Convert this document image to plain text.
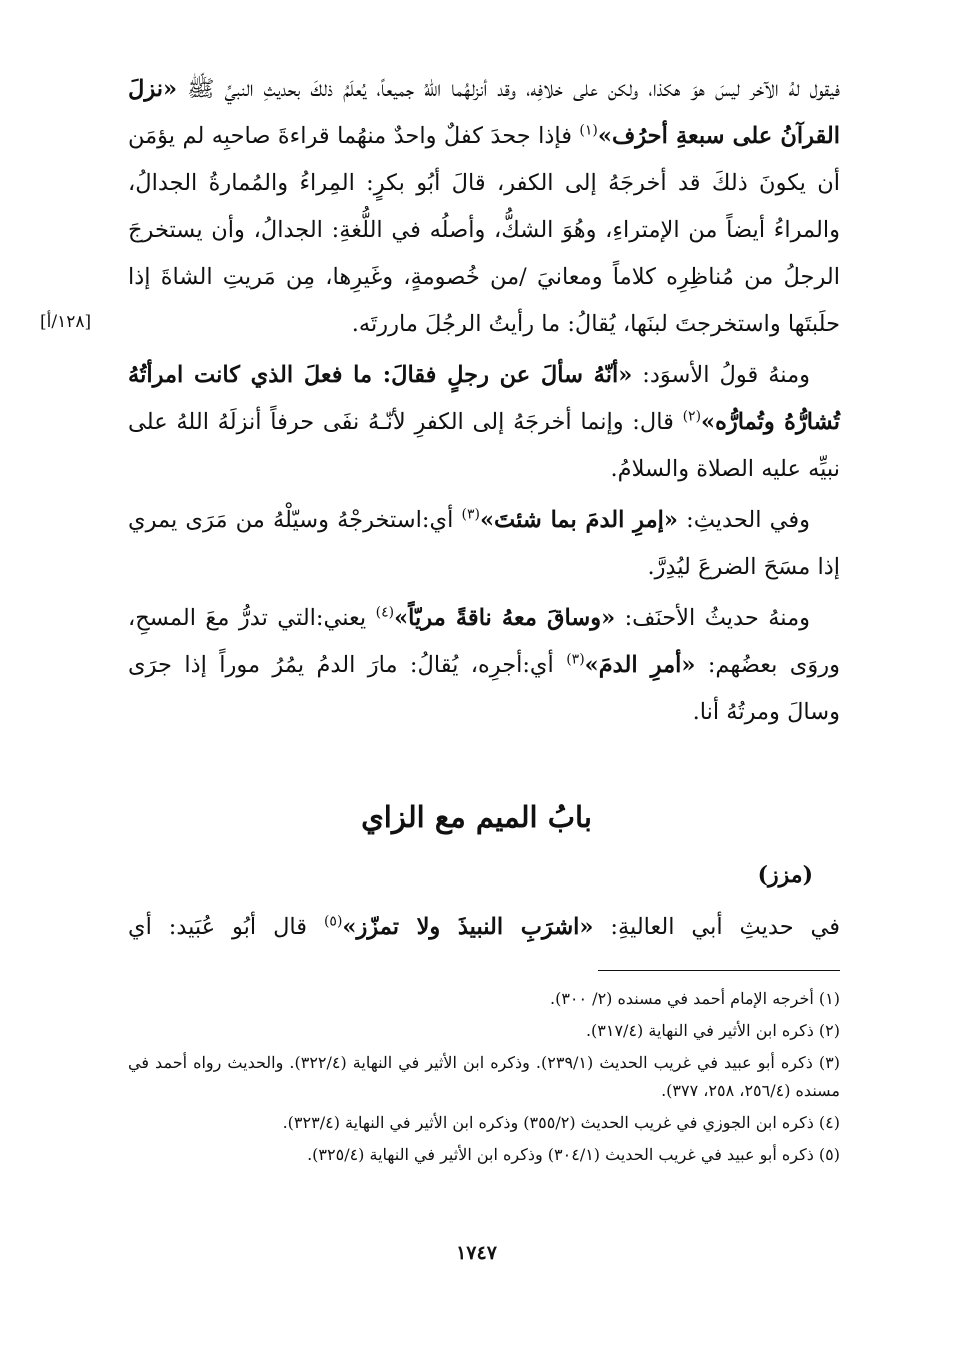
فيقول لهُ الآخر ليسَ هوَ هكذا، ولكن على خلافِه، وقد أنزلهُما اللهُ جميعاً، يُعلَمُ ذلكَ بحديثِ النبيِّ ﷺ «نزلَ القرآنُ على سبعةِ أحرُف»$^{(١)}$ فإذا جحدَ كفلٌ واحدٌ منهُما قراءةَ صاحبِه لم يؤمَن أن يكونَ ذلكَ قد أخرجَهُ إلى الكفر، قالَ أبُو بكرٍ: المِراءُ والمُمارةُ الجدالُ، والمراءُ أيضاً من الإمتراءِ، وهُوَ الشكُّ، وأصلُه في اللُّغةِ: الجدالُ، وأن يستخرجَ الرجلُ من مُناظِرِه كلاماً ومعانيَ /من خُصومةٍ، وغَيرِها، مِن مَريتِ الشاةَ إذا حلَبتَها واستخرجتَ لبنَها، يُقالُ: ما رأيتُ الرجُلَ ماررتَه.

ومنهُ قولُ الأسوَد: «أنّهُ سألَ عن رجلٍ فقالَ: ما فعلَ الذي كانت امرأتُهُ تُشارُّهُ وتُمارُّه»$^{(٢)}$ قال: وإنما أخرجَهُ إلى الكفرِ لأنّـهُ نفَى حرفاً أنزلَهُ اللهُ على نبيِّه عليه الصلاة والسلامُ.

وفي الحديثِ: «إمرِ الدمَ بما شئتَ»$^{(٣)}$ أي:استخرجْهُ وسيّلْهُ من مَرَى يمري إذا مسَحَ الضرعَ ليُدِرَّ.

ومنهُ حديثُ الأحنَف: «وساقَ معهُ ناقةً مريّاً»$^{(٤)}$ يعني:التي تدرُّ معَ المسحِ، وروَى بعضُهم: «أمرِ الدمَ»$^{(٣)}$ أي:أجرِه، يُقالُ: مارَ الدمُ يمُرُ موراً إذا جرَى وسالَ ومرتُهُ أنا.

[١٢٨/أ]
بابُ الميم مع الزاي
(مزز)

في حديثِ أبي العاليةِ: «اشرَبِ النبيذَ ولا تمزّز»$^{(٥)}$ قال أبُو عُبَيد: أي

(١) أخرجه الإمام أحمد في مسنده (٢/ ٣٠٠).
(٢) ذكره ابن الأثير في النهاية (٣١٧/٤).
(٣) ذكره أبو عبيد في غريب الحديث (٢٣٩/١). وذكره ابن الأثير في النهاية (٣٢٢/٤). والحديث رواه أحمد في مسنده (٢٥٦/٤، ٢٥٨، ٣٧٧).
(٤) ذكره ابن الجوزي في غريب الحديث (٣٥٥/٢) وذكره ابن الأثير في النهاية (٣٢٣/٤).
(٥) ذكره أبو عبيد في غريب الحديث (٣٠٤/١) وذكره ابن الأثير في النهاية (٣٢٥/٤).
١٧٤٧
